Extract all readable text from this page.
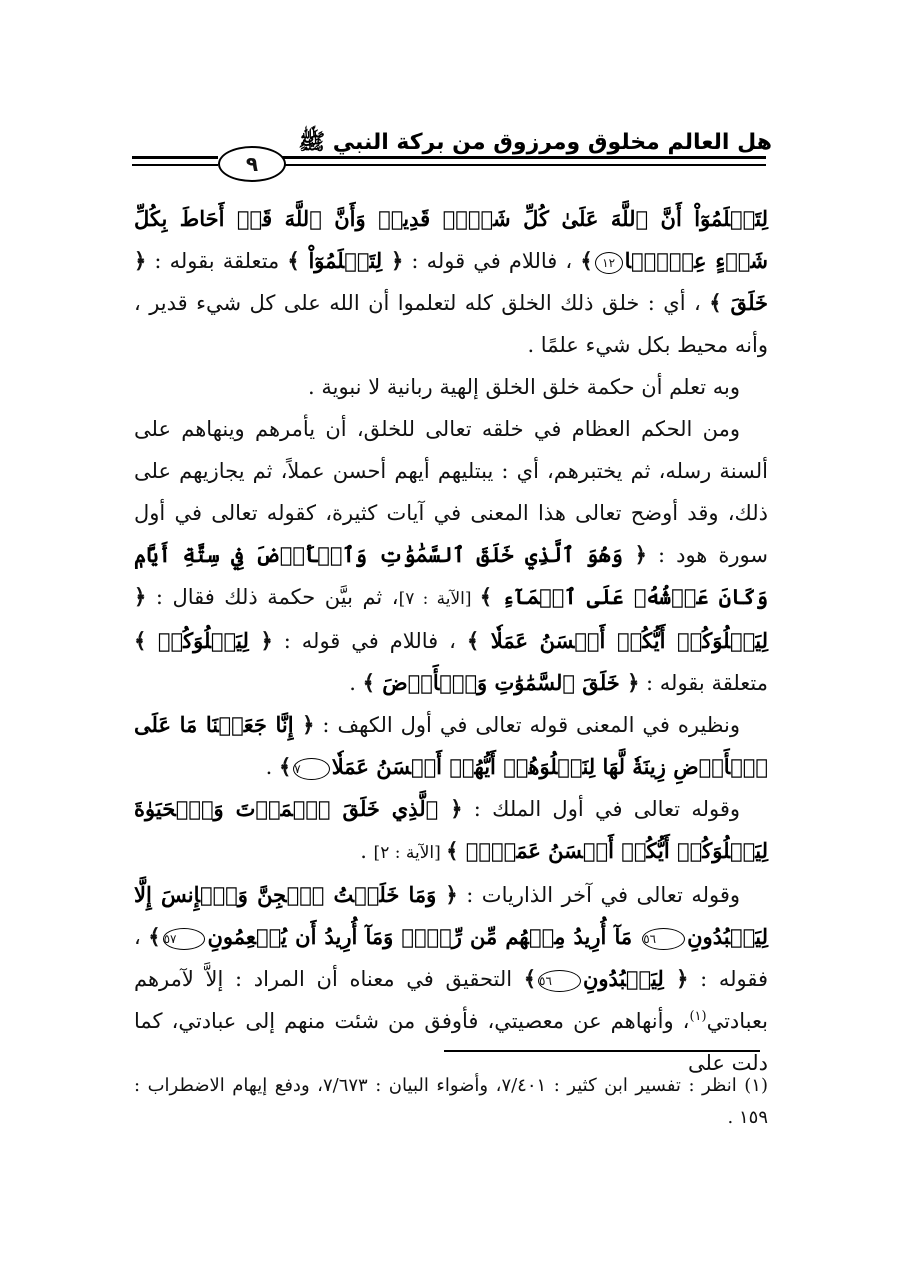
هل العالم مخلوق ومرزوق من بركة النبي ﷺ
٩

لِتَعۡلَمُوٓاْ أَنَّ ٱللَّهَ عَلَىٰ كُلِّ شَيۡءٖ قَدِيرٞ وَأَنَّ ٱللَّهَ قَدۡ أَحَاطَ بِكُلِّ شَيۡءٍ عِلۡمَۢا١٢﴾ ، فاللام في قوله : ﴿ لِتَعۡلَمُوٓاْ ﴾ متعلقة بقوله : ﴿ خَلَقَ ﴾ ، أي : خلق ذلك الخلق كله لتعلموا أن الله على كل شيء قدير ، وأنه محيط بكل شيء علمًا .

وبه تعلم أن حكمة خلق الخلق إلهية ربانية لا نبوية .

ومن الحكم العظام في خلقه تعالى للخلق، أن يأمرهم وينهاهم على ألسنة رسله، ثم يختبرهم، أي : يبتليهم أيهم أحسن عملاً، ثم يجازيهم على ذلك، وقد أوضح تعالى هذا المعنى في آيات كثيرة، كقوله تعالى في أول سورة هود : ﴿ وَهُوَ ٱلَّذِي خَلَقَ ٱلسَّمَٰوَٰتِ وَٱلۡأَرۡضَ فِي سِتَّةِ أَيَّامٖ وَكَانَ عَرۡشُهُۥ عَلَى ٱلۡمَآءِ ﴾ [الآية : ٧]، ثم بيَّن حكمة ذلك فقال : ﴿ لِيَبۡلُوَكُمۡ أَيُّكُمۡ أَحۡسَنُ عَمَلٗا ﴾ ، فاللام في قوله : ﴿ لِيَبۡلُوَكُمۡ ﴾ متعلقة بقوله : ﴿ خَلَقَ ٱلسَّمَٰوَٰتِ وَٱلۡأَرۡضَ ﴾ .

ونظيره في المعنى قوله تعالى في أول الكهف : ﴿ إِنَّا جَعَلۡنَا مَا عَلَى ٱلۡأَرۡضِ زِينَةٗ لَّهَا لِنَبۡلُوَهُمۡ أَيُّهُمۡ أَحۡسَنُ عَمَلٗا٧﴾ .

وقوله تعالى في أول الملك : ﴿ ٱلَّذِي خَلَقَ ٱلۡمَوۡتَ وَٱلۡحَيَوٰةَ لِيَبۡلُوَكُمۡ أَيُّكُمۡ أَحۡسَنُ عَمَلٗاۚ ﴾ [الآية : ٢] .

وقوله تعالى في آخر الذاريات : ﴿ وَمَا خَلَقۡتُ ٱلۡجِنَّ وَٱلۡإِنسَ إِلَّا لِيَعۡبُدُونِ٥٦ مَآ أُرِيدُ مِنۡهُم مِّن رِّزۡقٖ وَمَآ أُرِيدُ أَن يُطۡعِمُونِ٥٧﴾ ، فقوله : ﴿ لِيَعۡبُدُونِ٥٦﴾ التحقيق في معناه أن المراد : إلاَّ لآمرهم بعبادتي$^{(١)}$، وأنهاهم عن معصيتي، فأوفق من شئت منهم إلى عبادتي، كما دلت على

(١) انظر : تفسير ابن كثير : ٧/٤٠١، وأضواء البيان : ٧/٦٧٣، ودفع إيهام الاضطراب : ١٥٩ .
